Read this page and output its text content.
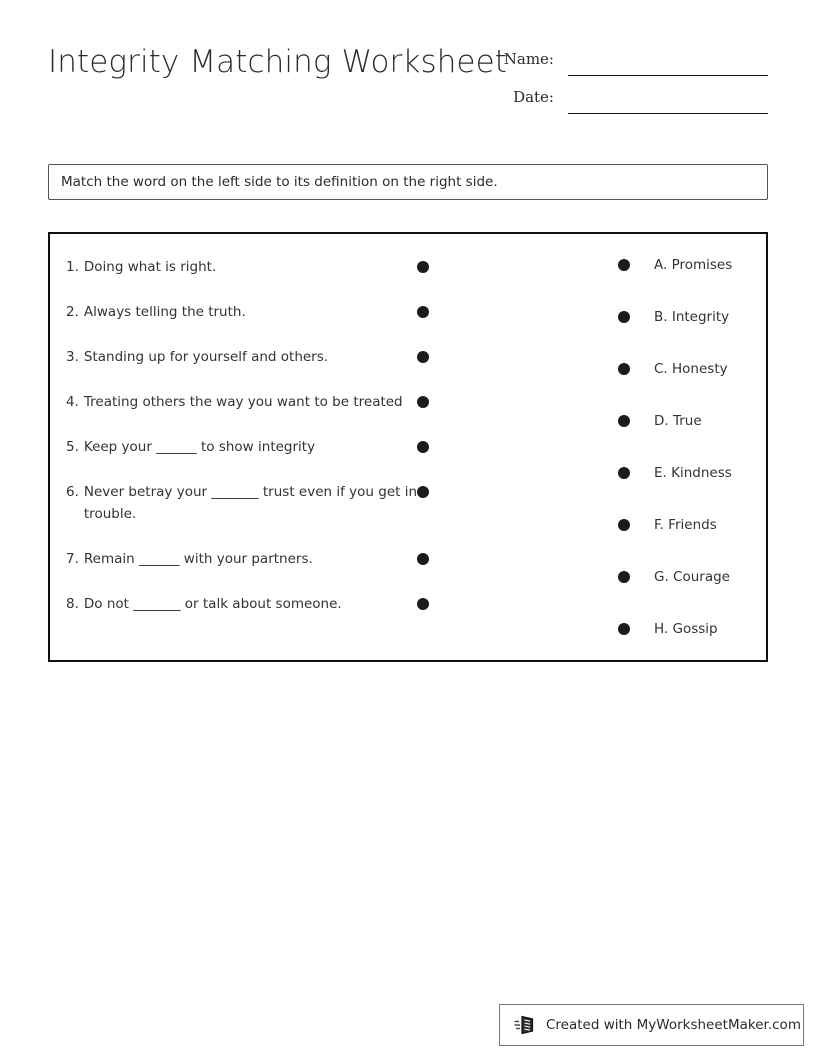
Integrity Matching Worksheet
Name:
Date:
Match the word on the left side to its definition on the right side.
1. Doing what is right.
2. Always telling the truth.
3. Standing up for yourself and others.
4. Treating others the way you want to be treated
5. Keep your ______ to show integrity
6. Never betray your _______ trust even if you get in trouble.
7. Remain ______ with your partners.
8. Do not _______ or talk about someone.
A. Promises
B. Integrity
C. Honesty
D. True
E. Kindness
F. Friends
G. Courage
H. Gossip
Created with MyWorksheetMaker.com
